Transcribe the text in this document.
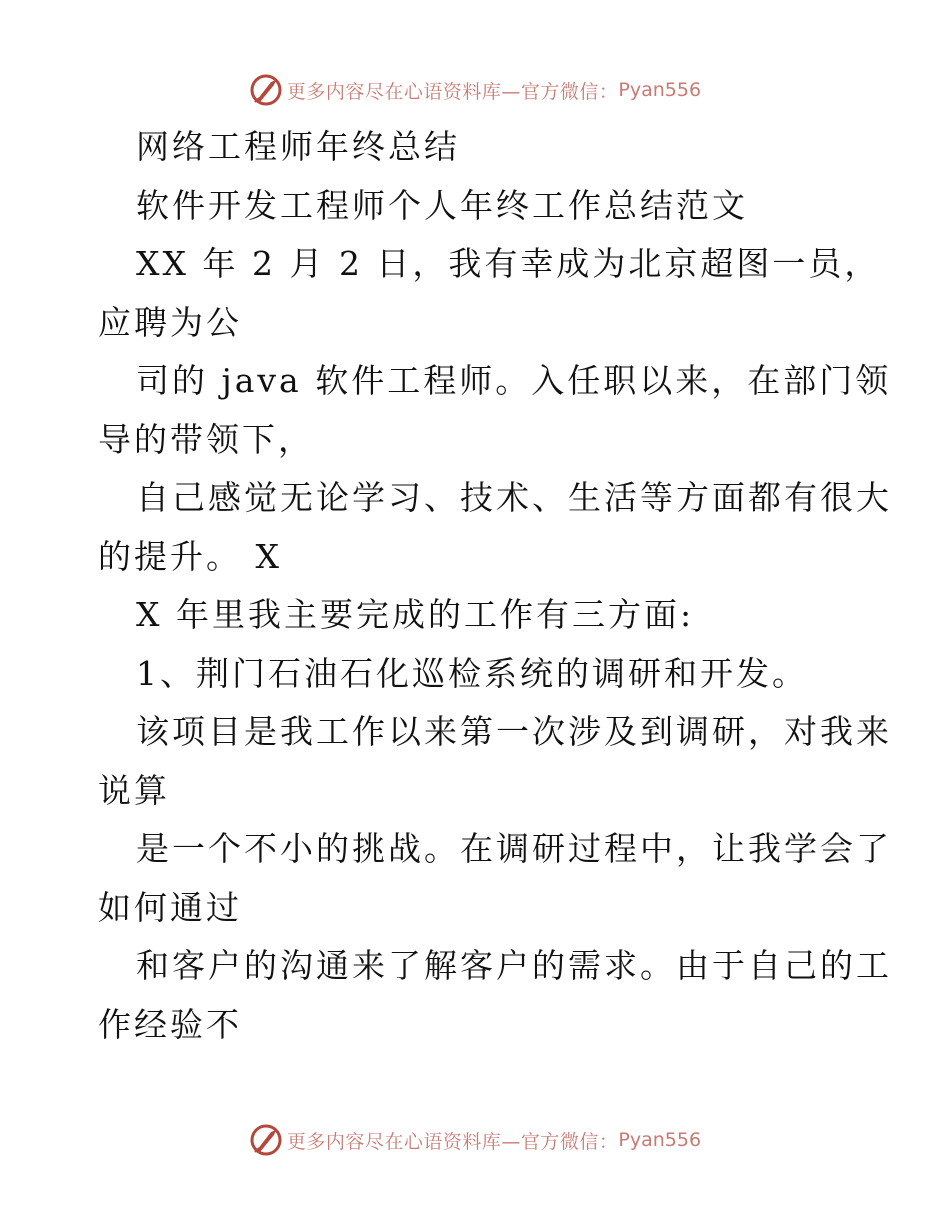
更多内容尽在心语资料库—官方微信： Pyan556
网络工程师年终总结
软件开发工程师个人年终工作总结范文
XX 年 2 月 2 日，我有幸成为北京超图一员，
应聘为公
司的 java 软件工程师。入任职以来，在部门领
导的带领下，
自己感觉无论学习、技术、生活等方面都有很大
的提升。 X
X 年里我主要完成的工作有三方面:
1、荆门石油石化巡检系统的调研和开发。
该项目是我工作以来第一次涉及到调研，对我来
说算
是一个不小的挑战。在调研过程中，让我学会了
如何通过
和客户的沟通来了解客户的需求。由于自己的工
作经验不
更多内容尽在心语资料库—官方微信： Pyan556
